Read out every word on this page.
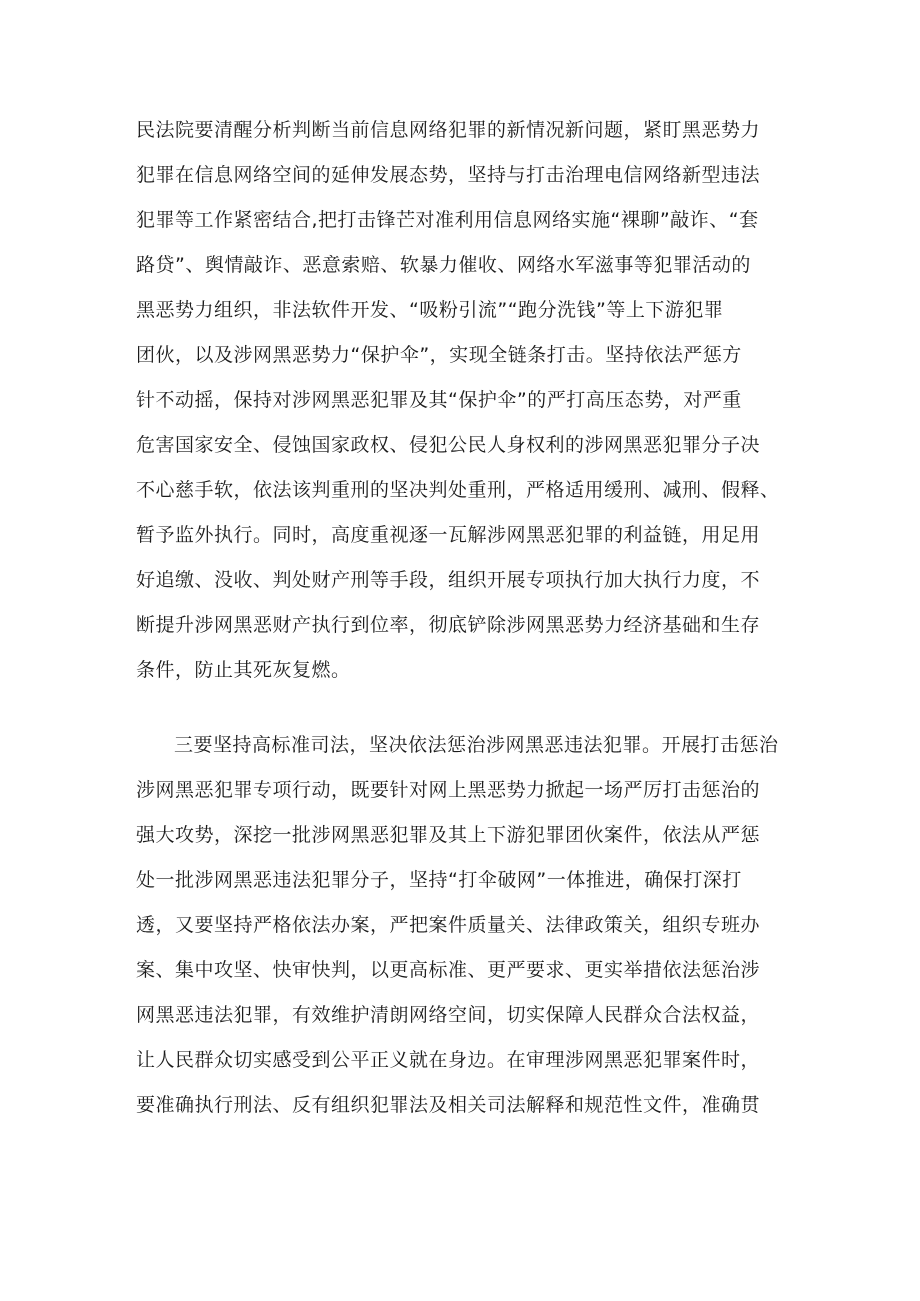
民法院要清醒分析判断当前信息网络犯罪的新情况新问题，紧盯黑恶势力
犯罪在信息网络空间的延伸发展态势，坚持与打击治理电信网络新型违法
犯罪等工作紧密结合,把打击锋芒对准利用信息网络实施“裸聊”敲诈、“套
路贷”、舆情敲诈、恶意索赔、软暴力催收、网络水军滋事等犯罪活动的
黑恶势力组织，非法软件开发、“吸粉引流”“跑分洗钱”等上下游犯罪
团伙，以及涉网黑恶势力“保护伞”，实现全链条打击。坚持依法严惩方
针不动摇，保持对涉网黑恶犯罪及其“保护伞”的严打高压态势，对严重
危害国家安全、侵蚀国家政权、侵犯公民人身权利的涉网黑恶犯罪分子决
不心慈手软，依法该判重刑的坚决判处重刑，严格适用缓刑、减刑、假释、
暂予监外执行。同时，高度重视逐一瓦解涉网黑恶犯罪的利益链，用足用
好追缴、没收、判处财产刑等手段，组织开展专项执行加大执行力度，不
断提升涉网黑恶财产执行到位率，彻底铲除涉网黑恶势力经济基础和生存
条件，防止其死灰复燃。
三要坚持高标准司法，坚决依法惩治涉网黑恶违法犯罪。开展打击惩治
涉网黑恶犯罪专项行动，既要针对网上黑恶势力掀起一场严厉打击惩治的
强大攻势，深挖一批涉网黑恶犯罪及其上下游犯罪团伙案件，依法从严惩
处一批涉网黑恶违法犯罪分子，坚持“打伞破网”一体推进，确保打深打
透，又要坚持严格依法办案，严把案件质量关、法律政策关，组织专班办
案、集中攻坚、快审快判，以更高标准、更严要求、更实举措依法惩治涉
网黑恶违法犯罪，有效维护清朗网络空间，切实保障人民群众合法权益，
让人民群众切实感受到公平正义就在身边。在审理涉网黑恶犯罪案件时，
要准确执行刑法、反有组织犯罪法及相关司法解释和规范性文件，准确贯
